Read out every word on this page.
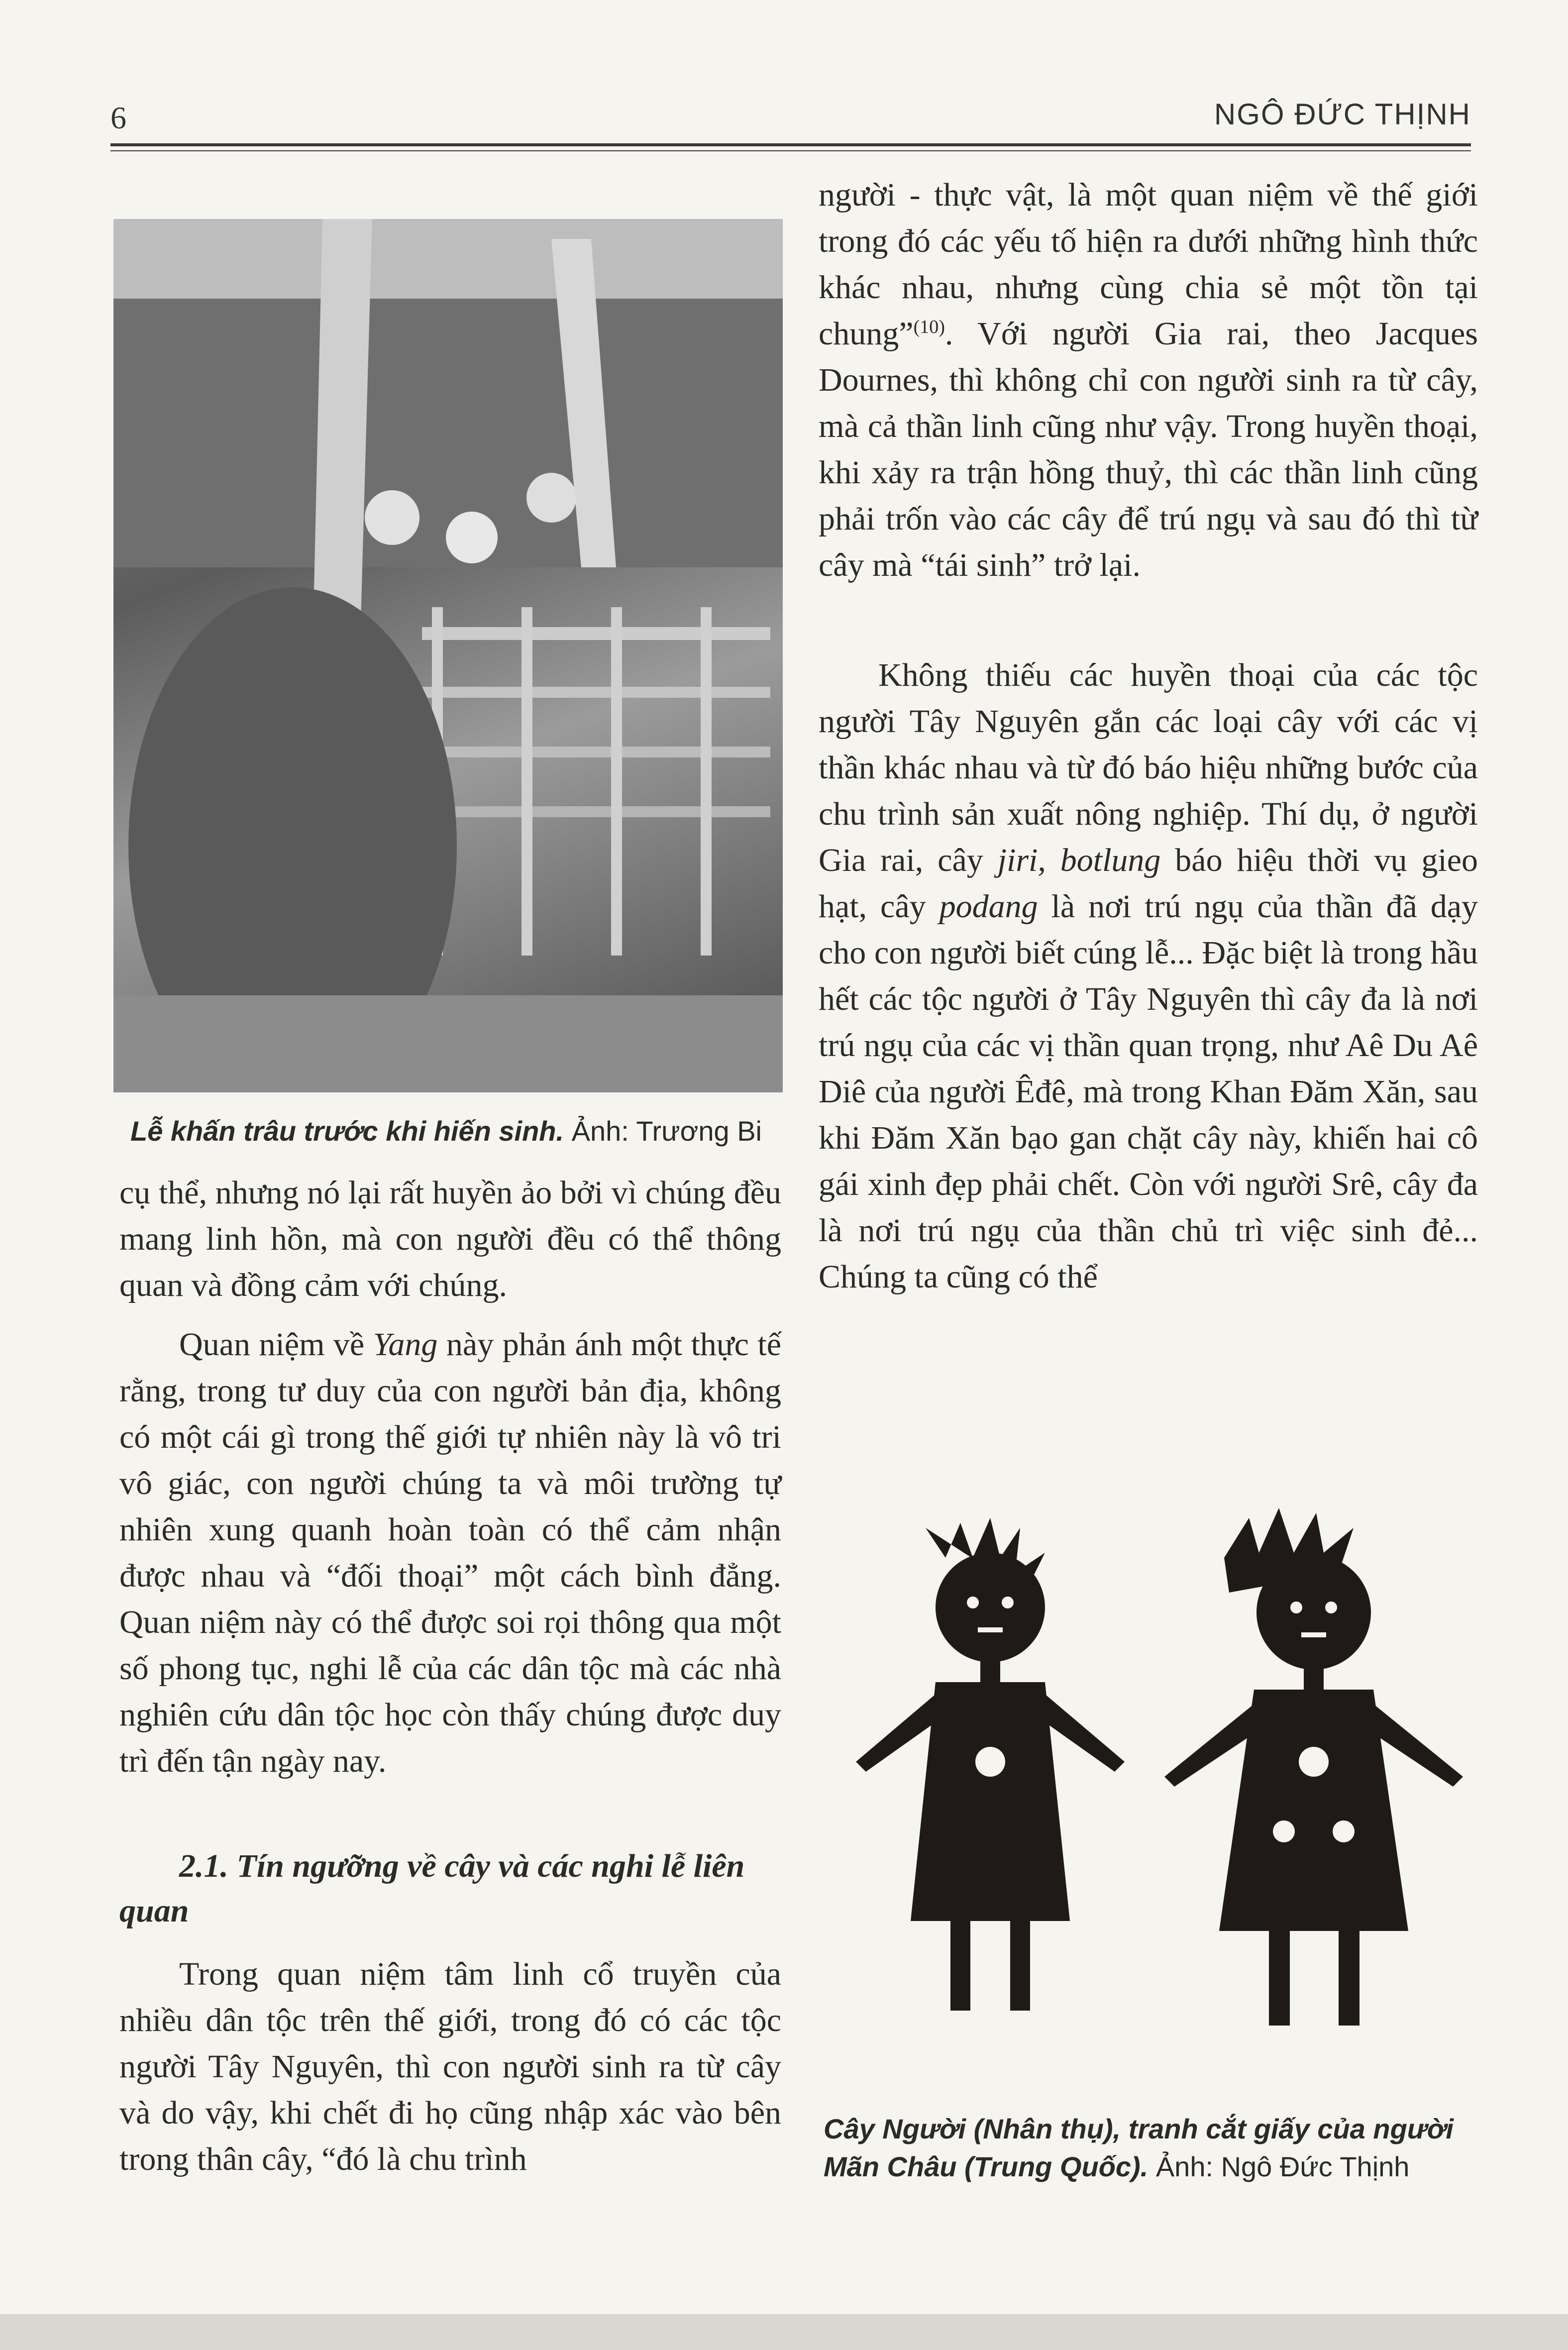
6	NGÔ ĐỨC THỊNH
Lễ khấn trâu trước khi hiến sinh. Ảnh: Trương Bi

cụ thể, nhưng nó lại rất huyền ảo bởi vì chúng đều mang linh hồn, mà con người đều có thể thông quan và đồng cảm với chúng.

Quan niệm về Yang này phản ánh một thực tế rằng, trong tư duy của con người bản địa, không có một cái gì trong thế giới tự nhiên này là vô tri vô giác, con người chúng ta và môi trường tự nhiên xung quanh hoàn toàn có thể cảm nhận được nhau và “đối thoại” một cách bình đẳng. Quan niệm này có thể được soi rọi thông qua một số phong tục, nghi lễ của các dân tộc mà các nhà nghiên cứu dân tộc học còn thấy chúng được duy trì đến tận ngày nay.

2.1. Tín ngưỡng về cây và các nghi lễ liên quan

Trong quan niệm tâm linh cổ truyền của nhiều dân tộc trên thế giới, trong đó có các tộc người Tây Nguyên, thì con người sinh ra từ cây và do vậy, khi chết đi họ cũng nhập xác vào bên trong thân cây, “đó là chu trình

người - thực vật, là một quan niệm về thế giới trong đó các yếu tố hiện ra dưới những hình thức khác nhau, nhưng cùng chia sẻ một tồn tại chung”$^{(10)}$. Với người Gia rai, theo Jacques Dournes, thì không chỉ con người sinh ra từ cây, mà cả thần linh cũng như vậy. Trong huyền thoại, khi xảy ra trận hồng thuỷ, thì các thần linh cũng phải trốn vào các cây để trú ngụ và sau đó thì từ cây mà “tái sinh” trở lại.

Không thiếu các huyền thoại của các tộc người Tây Nguyên gắn các loại cây với các vị thần khác nhau và từ đó báo hiệu những bước của chu trình sản xuất nông nghiệp. Thí dụ, ở người Gia rai, cây jiri, botlung báo hiệu thời vụ gieo hạt, cây podang là nơi trú ngụ của thần đã dạy cho con người biết cúng lễ... Đặc biệt là trong hầu hết các tộc người ở Tây Nguyên thì cây đa là nơi trú ngụ của các vị thần quan trọng, như Aê Du Aê Diê của người Êđê, mà trong Khan Đăm Xăn, sau khi Đăm Xăn bạo gan chặt cây này, khiến hai cô gái xinh đẹp phải chết. Còn với người Srê, cây đa là nơi trú ngụ của thần chủ trì việc sinh đẻ... Chúng ta cũng có thể

Cây Người (Nhân thụ), tranh cắt giấy của người
Mãn Châu (Trung Quốc). Ảnh: Ngô Đức Thịnh
